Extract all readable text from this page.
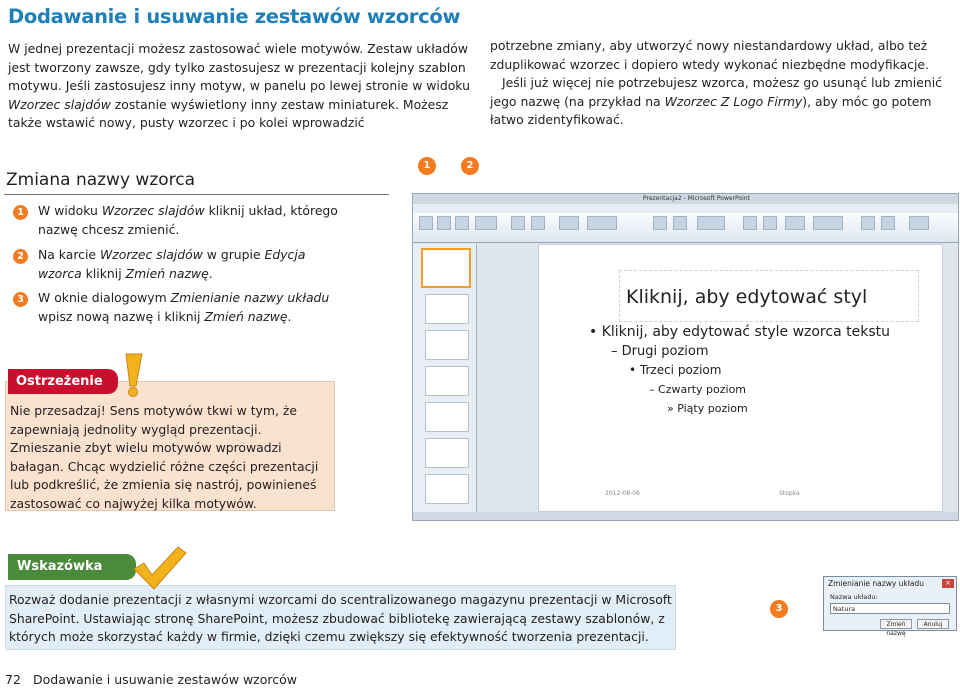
Dodawanie i usuwanie zestawów wzorców
W jednej prezentacji możesz zastosować wiele motywów. Zestaw układów jest tworzony zawsze, gdy tylko zastosujesz w prezentacji kolejny szablon motywu. Jeśli zastosujesz inny motyw, w panelu po lewej stronie w widoku Wzorzec slajdów zostanie wyświetlony inny zestaw miniaturek. Możesz także wstawić nowy, pusty wzorzec i po kolei wprowadzić
potrzebne zmiany, aby utworzyć nowy niestandardowy układ, albo też zduplikować wzorzec i dopiero wtedy wykonać niezbędne modyfikacje.
Jeśli już więcej nie potrzebujesz wzorca, możesz go usunąć lub zmienić jego nazwę (na przykład na Wzorzec Z Logo Firmy), aby móc go potem łatwo zidentyfikować.
Zmiana nazwy wzorca
1	W widoku Wzorzec slajdów kliknij układ, którego nazwę chcesz zmienić.
2	Na karcie Wzorzec slajdów w grupie Edycja wzorca kliknij Zmień nazwę.
3	W oknie dialogowym Zmienianie nazwy układu wpisz nową nazwę i kliknij Zmień nazwę.
Ostrzeżenie
Nie przesadzaj! Sens motywów tkwi w tym, że zapewniają jednolity wygląd prezentacji. Zmieszanie zbyt wielu motywów wprowadzi bałagan. Chcąc wydzielić różne części prezentacji lub podkreślić, że zmienia się nastrój, powinieneś zastosować co najwyżej kilka motywów.
1	2
Prezentacja2 - Microsoft PowerPoint
Kliknij, aby edytować styl
• Kliknij, aby edytować style wzorca tekstu
– Drugi poziom
• Trzeci poziom
– Czwarty poziom
» Piąty poziom
2012-08-06	Stopka
Wskazówka
Rozważ dodanie prezentacji z własnymi wzorcami do scentralizowanego magazynu prezentacji w Microsoft SharePoint. Ustawiając stronę SharePoint, możesz zbudować bibliotekę zawierającą zestawy szablonów, z których może skorzystać każdy w firmie, dzięki czemu zwiększy się efektywność tworzenia prezentacji.
3
Zmienianie nazwy układu	×
Nazwa układu:
Natura
Zmień nazwę
Anuluj
72 Dodawanie i usuwanie zestawów wzorców
